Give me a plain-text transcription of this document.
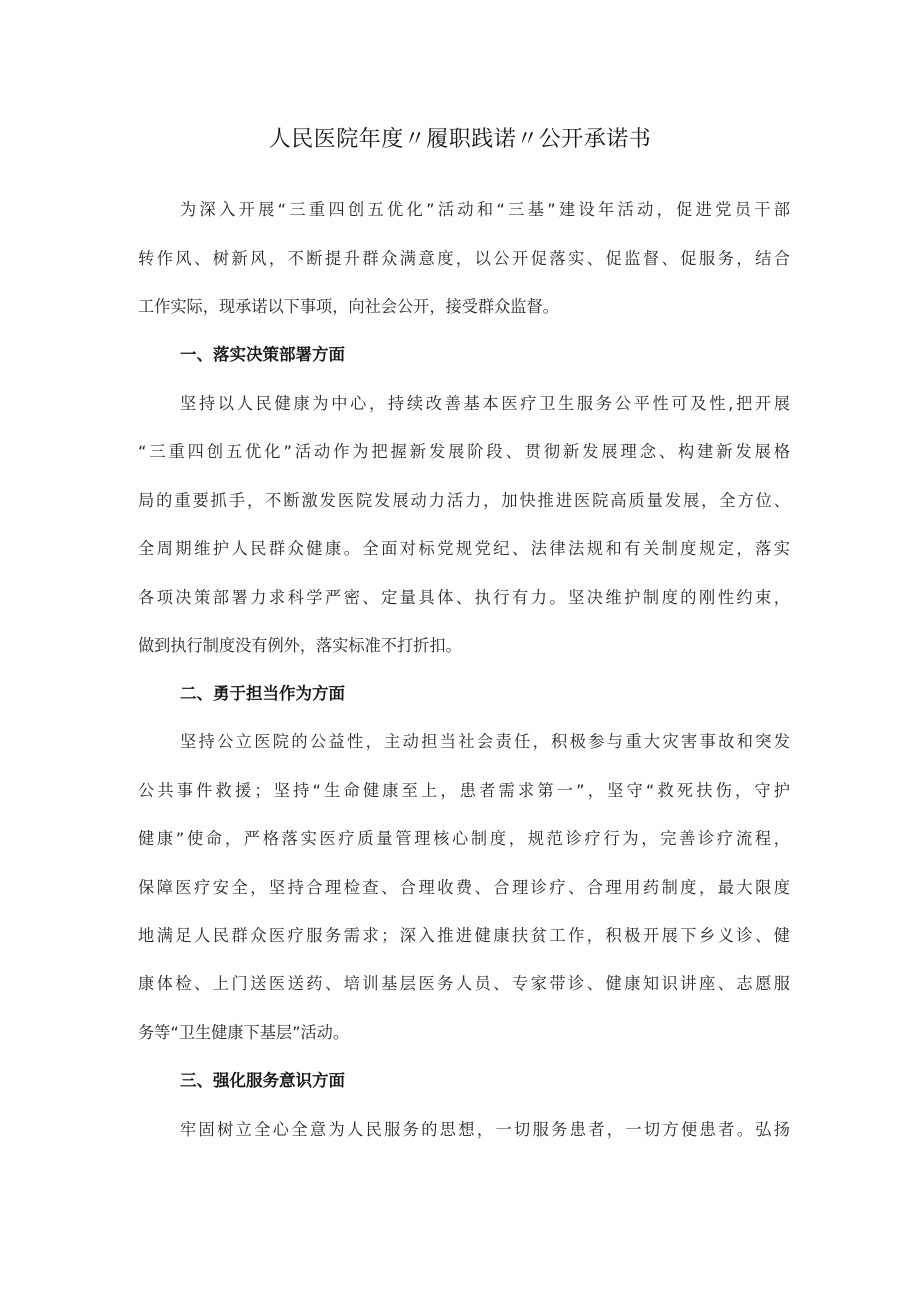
人民医院年度〃履职践诺〃公开承诺书
为深入开展“三重四创五优化”活动和“三基”建设年活动，促进党员干部
转作风、树新风，不断提升群众满意度，以公开促落实、促监督、促服务，结合
工作实际，现承诺以下事项，向社会公开，接受群众监督。
一、落实决策部署方面
坚持以人民健康为中心，持续改善基本医疗卫生服务公平性可及性,把开展
“三重四创五优化”活动作为把握新发展阶段、贯彻新发展理念、构建新发展格
局的重要抓手，不断激发医院发展动力活力，加快推进医院高质量发展，全方位、
全周期维护人民群众健康。全面对标党规党纪、法律法规和有关制度规定，落实
各项决策部署力求科学严密、定量具体、执行有力。坚决维护制度的刚性约束，
做到执行制度没有例外，落实标准不打折扣。
二、勇于担当作为方面
坚持公立医院的公益性，主动担当社会责任，积极参与重大灾害事故和突发
公共事件救援；坚持“生命健康至上，患者需求第一”，坚守“救死扶伤，守护
健康”使命，严格落实医疗质量管理核心制度，规范诊疗行为，完善诊疗流程，
保障医疗安全，坚持合理检查、合理收费、合理诊疗、合理用药制度，最大限度
地满足人民群众医疗服务需求；深入推进健康扶贫工作，积极开展下乡义诊、健
康体检、上门送医送药、培训基层医务人员、专家带诊、健康知识讲座、志愿服
务等“卫生健康下基层”活动。
三、强化服务意识方面
牢固树立全心全意为人民服务的思想，一切服务患者，一切方便患者。弘扬
